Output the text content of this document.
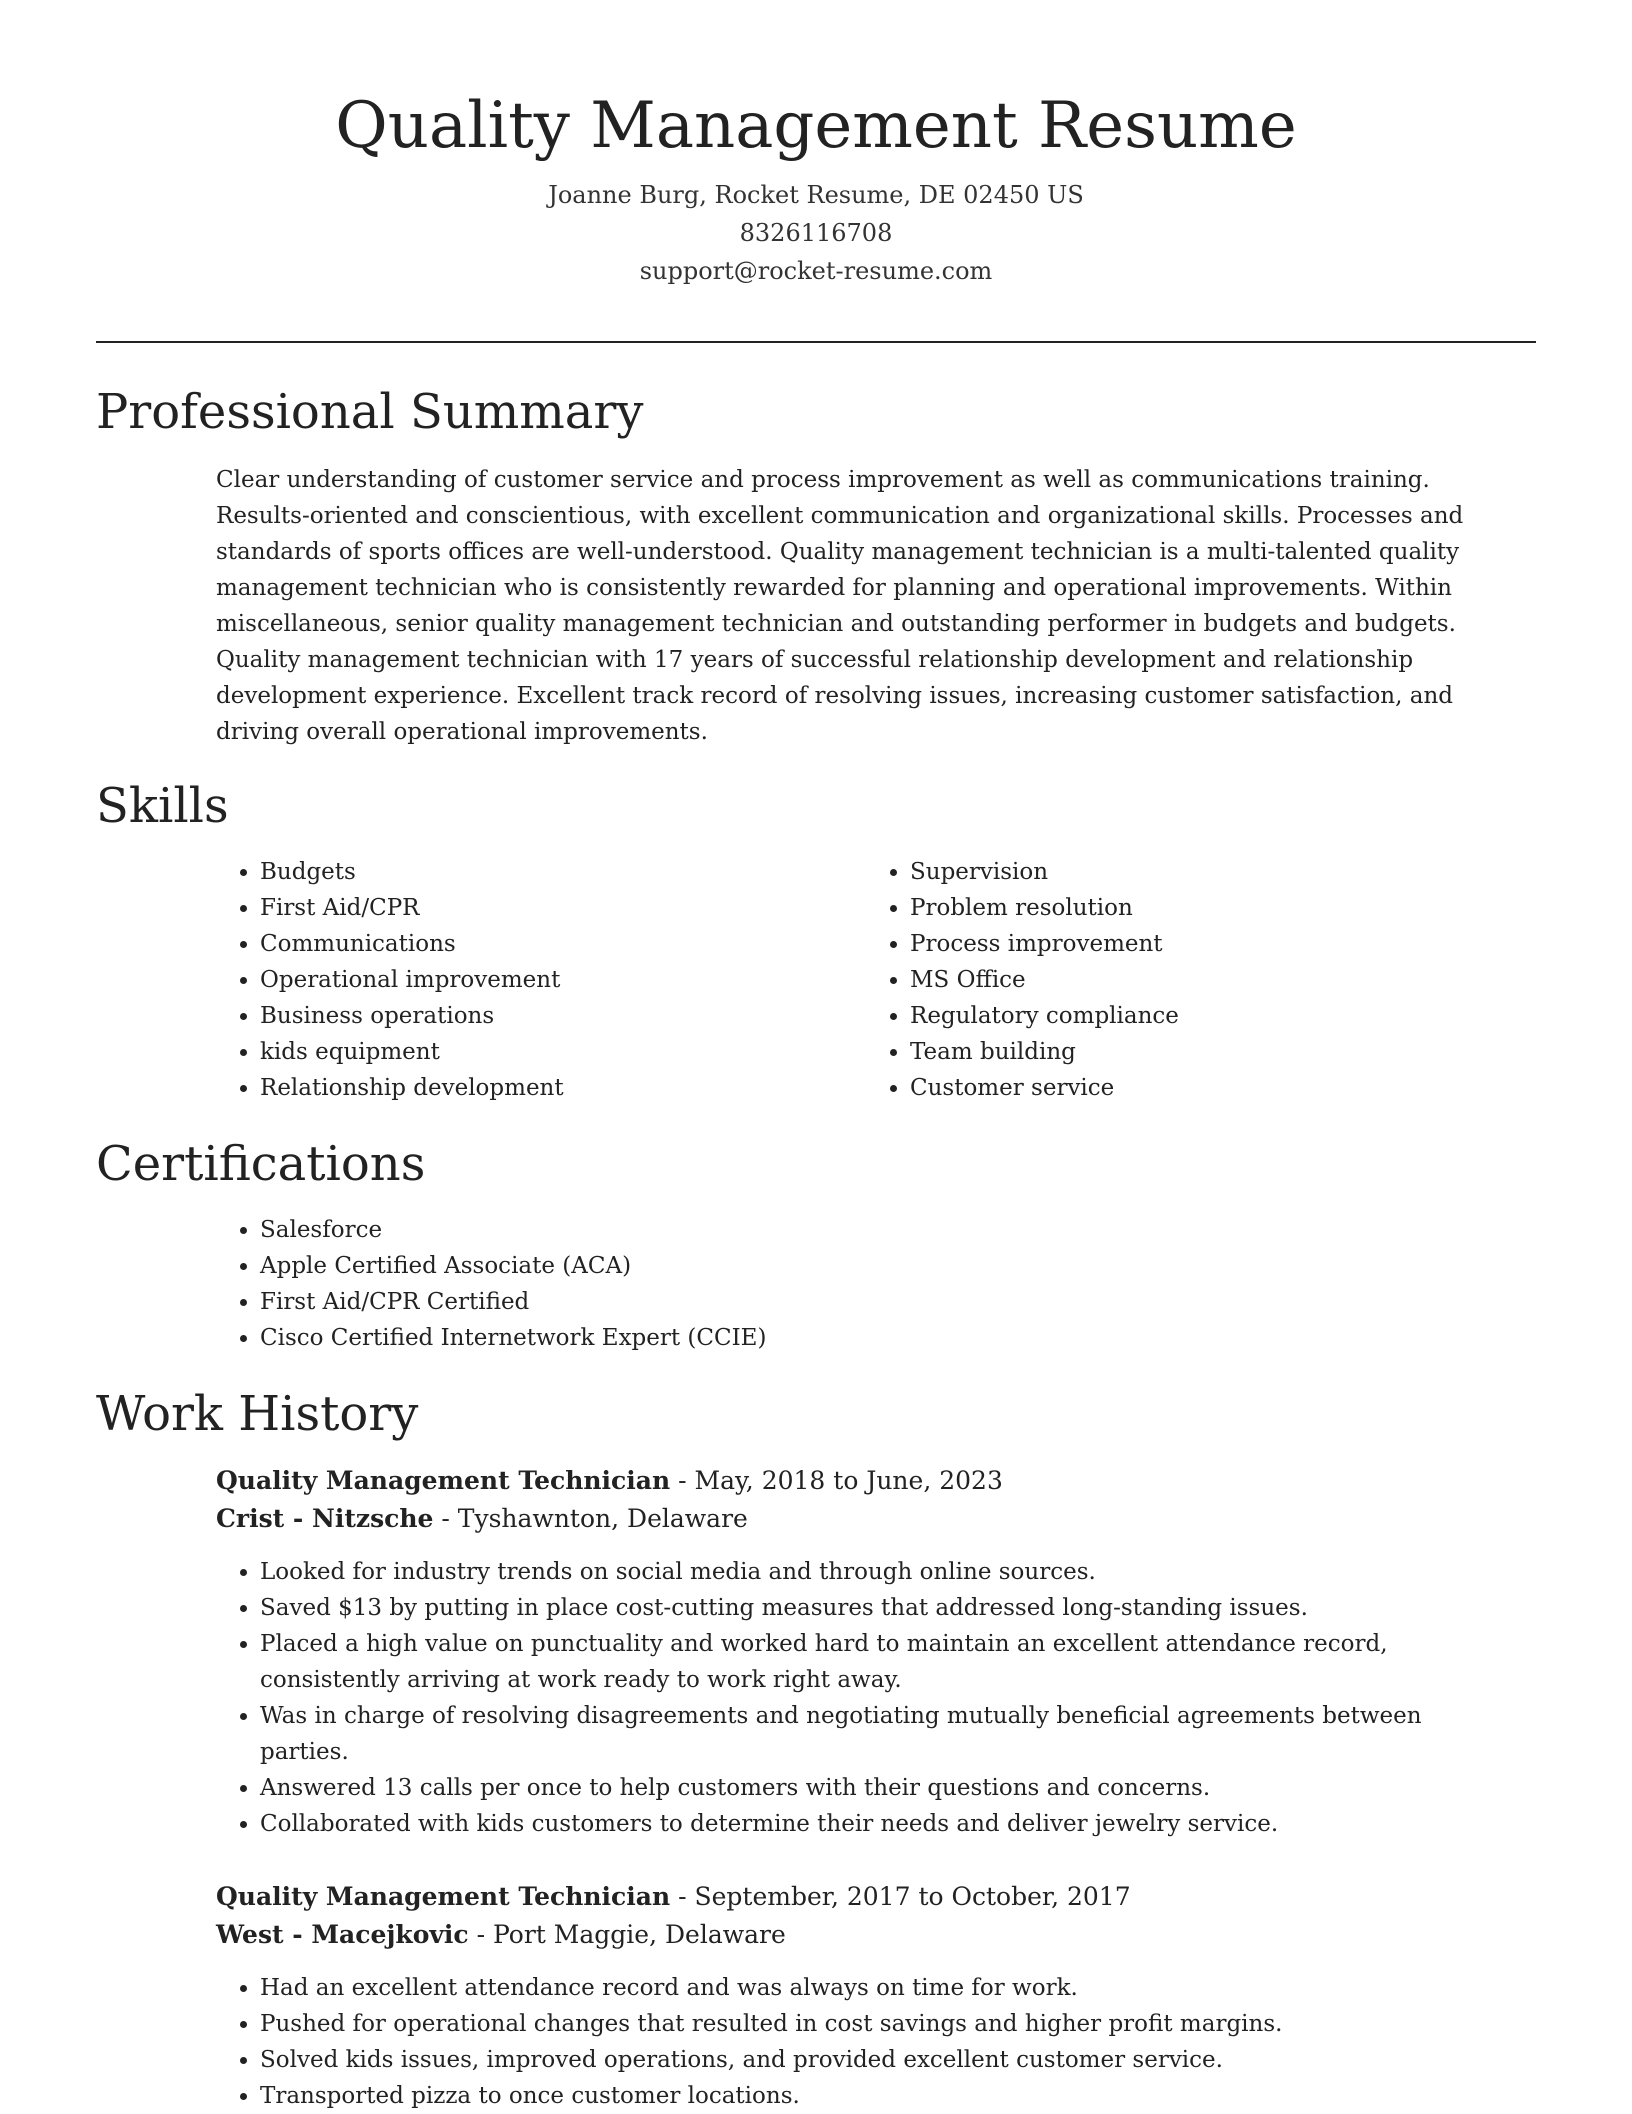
Quality Management Resume
Joanne Burg, Rocket Resume, DE 02450 US
8326116708
support@rocket-resume.com
Professional Summary
Clear understanding of customer service and process improvement as well as communications training. Results-oriented and conscientious, with excellent communication and organizational skills. Processes and standards of sports offices are well-understood. Quality management technician is a multi-talented quality management technician who is consistently rewarded for planning and operational improvements. Within miscellaneous, senior quality management technician and outstanding performer in budgets and budgets. Quality management technician with 17 years of successful relationship development and relationship development experience. Excellent track record of resolving issues, increasing customer satisfaction, and driving overall operational improvements.
Skills
• Budgets
• First Aid/CPR
• Communications
• Operational improvement
• Business operations
• kids equipment
• Relationship development
• Supervision
• Problem resolution
• Process improvement
• MS Office
• Regulatory compliance
• Team building
• Customer service
Certifications
• Salesforce
• Apple Certified Associate (ACA)
• First Aid/CPR Certified
• Cisco Certified Internetwork Expert (CCIE)
Work History
Quality Management Technician - May, 2018 to June, 2023
Crist - Nitzsche - Tyshawnton, Delaware
• Looked for industry trends on social media and through online sources.
• Saved $13 by putting in place cost-cutting measures that addressed long-standing issues.
• Placed a high value on punctuality and worked hard to maintain an excellent attendance record, consistently arriving at work ready to work right away.
• Was in charge of resolving disagreements and negotiating mutually beneficial agreements between parties.
• Answered 13 calls per once to help customers with their questions and concerns.
• Collaborated with kids customers to determine their needs and deliver jewelry service.
Quality Management Technician - September, 2017 to October, 2017
West - Macejkovic - Port Maggie, Delaware
• Had an excellent attendance record and was always on time for work.
• Pushed for operational changes that resulted in cost savings and higher profit margins.
• Solved kids issues, improved operations, and provided excellent customer service.
• Transported pizza to once customer locations.
